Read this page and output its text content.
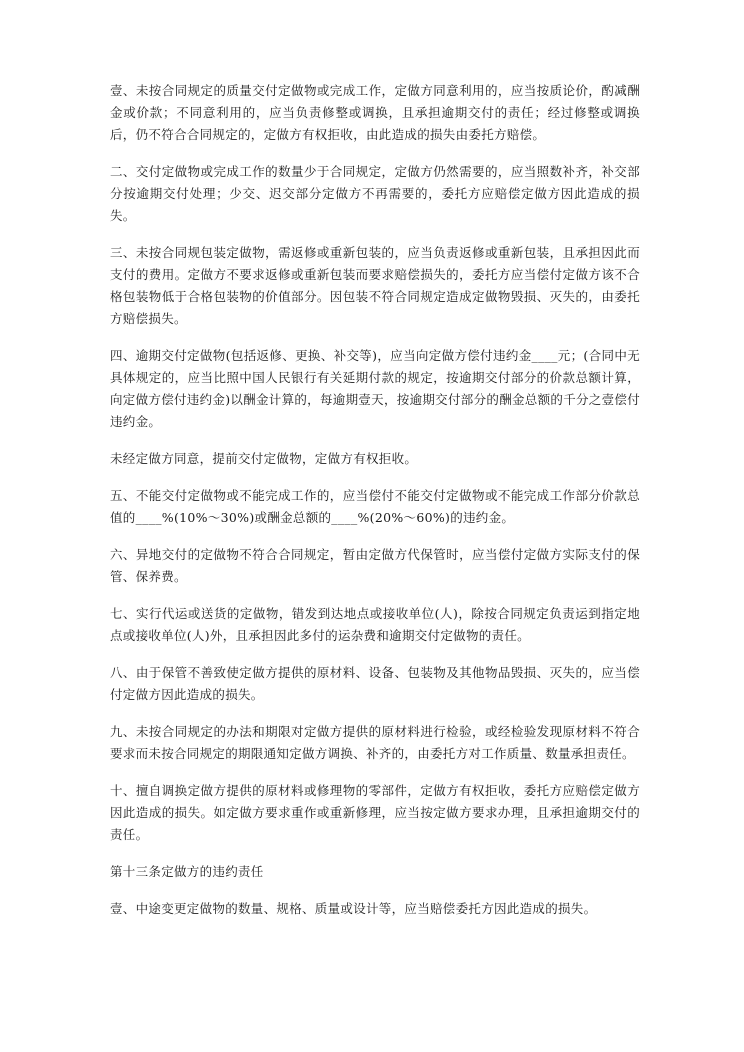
壹、未按合同规定的质量交付定做物或完成工作，定做方同意利用的，应当按质论价，酌减酬金或价款；不同意利用的，应当负责修整或调换，且承担逾期交付的责任；经过修整或调换后，仍不符合合同规定的，定做方有权拒收，由此造成的损失由委托方赔偿。

二、交付定做物或完成工作的数量少于合同规定，定做方仍然需要的，应当照数补齐，补交部分按逾期交付处理；少交、迟交部分定做方不再需要的，委托方应赔偿定做方因此造成的损失。

三、未按合同规包装定做物，需返修或重新包装的，应当负责返修或重新包装，且承担因此而支付的费用。定做方不要求返修或重新包装而要求赔偿损失的，委托方应当偿付定做方该不合格包装物低于合格包装物的价值部分。因包装不符合同规定造成定做物毁损、灭失的，由委托方赔偿损失。

四、逾期交付定做物(包括返修、更换、补交等)，应当向定做方偿付违约金____元；(合同中无具体规定的，应当比照中国人民银行有关延期付款的规定，按逾期交付部分的价款总额计算，向定做方偿付违约金)以酬金计算的，每逾期壹天，按逾期交付部分的酬金总额的千分之壹偿付违约金。

未经定做方同意，提前交付定做物，定做方有权拒收。

五、不能交付定做物或不能完成工作的，应当偿付不能交付定做物或不能完成工作部分价款总值的____%(10%～30%)或酬金总额的____%(20%～60%)的违约金。

六、异地交付的定做物不符合合同规定，暂由定做方代保管时，应当偿付定做方实际支付的保管、保养费。

七、实行代运或送货的定做物，错发到达地点或接收单位(人)，除按合同规定负责运到指定地点或接收单位(人)外，且承担因此多付的运杂费和逾期交付定做物的责任。

八、由于保管不善致使定做方提供的原材料、设备、包装物及其他物品毁损、灭失的，应当偿付定做方因此造成的损失。

九、未按合同规定的办法和期限对定做方提供的原材料进行检验，或经检验发现原材料不符合要求而未按合同规定的期限通知定做方调换、补齐的，由委托方对工作质量、数量承担责任。

十、擅自调换定做方提供的原材料或修理物的零部件，定做方有权拒收，委托方应赔偿定做方因此造成的损失。如定做方要求重作或重新修理，应当按定做方要求办理，且承担逾期交付的责任。

第十三条定做方的违约责任

壹、中途变更定做物的数量、规格、质量或设计等，应当赔偿委托方因此造成的损失。
